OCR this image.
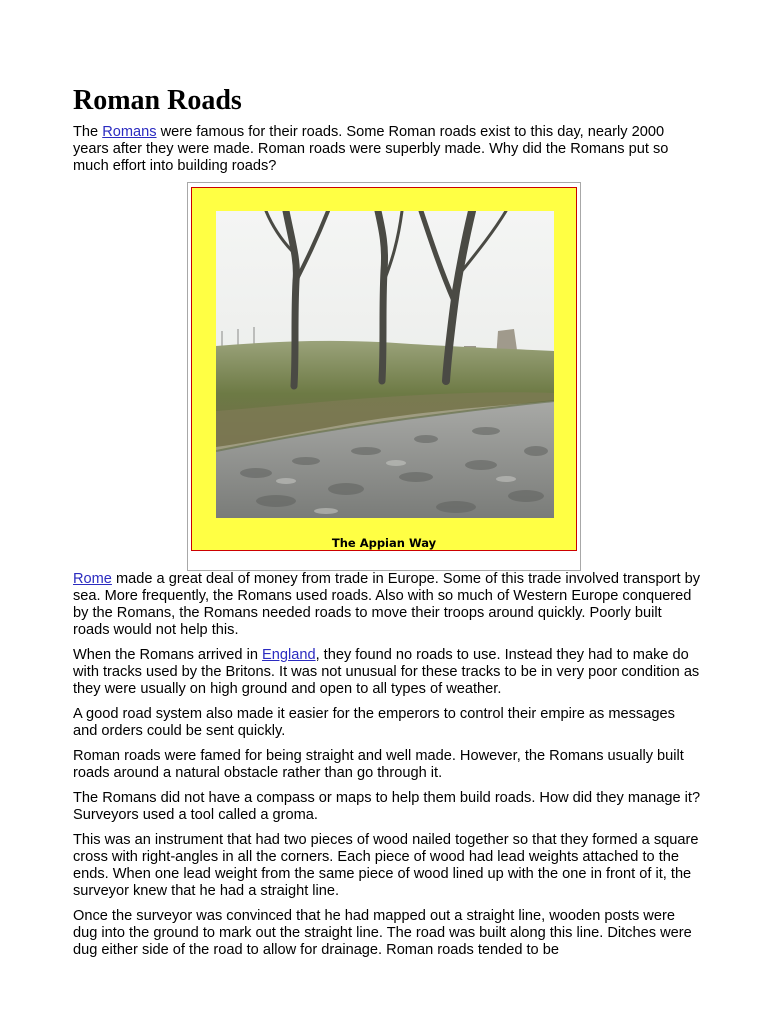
Roman Roads

The Romans were famous for their roads. Some Roman roads exist to this day, nearly 2000 years after they were made. Roman roads were superbly made. Why did the Romans put so much effort into building roads?

The Appian Way

Rome made a great deal of money from trade in Europe. Some of this trade involved transport by sea. More frequently, the Romans used roads. Also with so much of Western Europe conquered by the Romans, the Romans needed roads to move their troops around quickly. Poorly built roads would not help this.

When the Romans arrived in England, they found no roads to use. Instead they had to make do with tracks used by the Britons. It was not unusual for these tracks to be in very poor condition as they were usually on high ground and open to all types of weather.

A good road system also made it easier for the emperors to control their empire as messages and orders could be sent quickly.

Roman roads were famed for being straight and well made. However, the Romans usually built roads around a natural obstacle rather than go through it.

The Romans did not have a compass or maps to help them build roads. How did they manage it? Surveyors used a tool called a groma.

This was an instrument that had two pieces of wood nailed together so that they formed a square cross with right-angles in all the corners. Each piece of wood had lead weights attached to the ends. When one lead weight from the same piece of wood lined up with the one in front of it, the surveyor knew that he had a straight line.

Once the surveyor was convinced that he had mapped out a straight line, wooden posts were dug into the ground to mark out the straight line. The road was built along this line. Ditches were dug either side of the road to allow for drainage. Roman roads tended to be
